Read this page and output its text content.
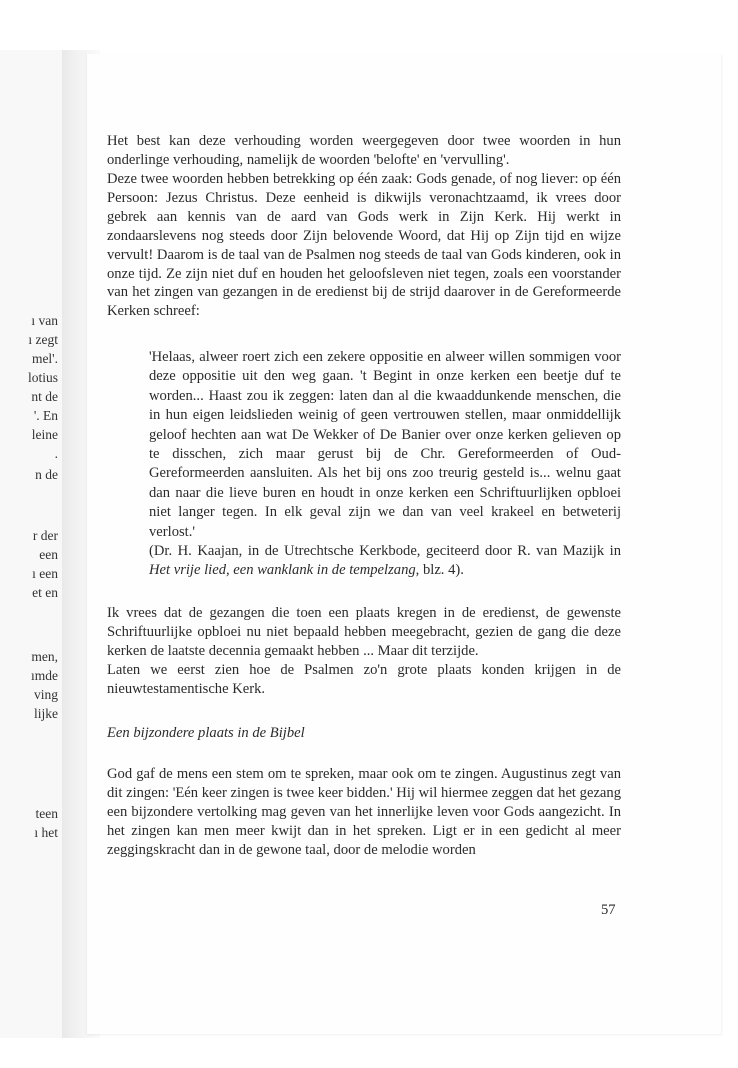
ı van
ı zegt
mel'.
lotius
nt de
'. En
leine
.
n de
r der
een
ı een
et en
men,
ımde
ving
lijke
teen
ı het

Het best kan deze verhouding worden weergegeven door twee woorden in hun onderlinge verhouding, namelijk de woorden 'belofte' en 'vervulling'.

Deze twee woorden hebben betrekking op één zaak: Gods genade, of nog liever: op één Persoon: Jezus Christus. Deze eenheid is dikwijls veronachtzaamd, ik vrees door gebrek aan kennis van de aard van Gods werk in Zijn Kerk. Hij werkt in zondaarslevens nog steeds door Zijn belovende Woord, dat Hij op Zijn tijd en wijze vervult! Daarom is de taal van de Psalmen nog steeds de taal van Gods kinderen, ook in onze tijd. Ze zijn niet duf en houden het geloofsleven niet tegen, zoals een voorstander van het zingen van gezangen in de eredienst bij de strijd daarover in de Gereformeerde Kerken schreef:

'Helaas, alweer roert zich een zekere oppositie en alweer willen sommigen voor deze oppositie uit den weg gaan. 't Begint in onze kerken een beetje duf te worden... Haast zou ik zeggen: laten dan al die kwaaddunkende menschen, die in hun eigen leidslieden weinig of geen vertrouwen stellen, maar onmiddellijk geloof hechten aan wat De Wekker of De Banier over onze kerken gelieven op te disschen, zich maar gerust bij de Chr. Gereformeerden of Oud-Gereformeerden aansluiten. Als het bij ons zoo treurig gesteld is... welnu gaat dan naar die lieve buren en houdt in onze kerken een Schriftuurlijken opbloei niet langer tegen. In elk geval zijn we dan van veel krakeel en betweterij verlost.'
(Dr. H. Kaajan, in de Utrechtsche Kerkbode, geciteerd door R. van Mazijk in Het vrije lied, een wanklank in de tempelzang, blz. 4).

Ik vrees dat de gezangen die toen een plaats kregen in de eredienst, de gewenste Schriftuurlijke opbloei nu niet bepaald hebben meegebracht, gezien de gang die deze kerken de laatste decennia gemaakt hebben ... Maar dit terzijde.

Laten we eerst zien hoe de Psalmen zo'n grote plaats konden krijgen in de nieuwtestamentische Kerk.

Een bijzondere plaats in de Bijbel

God gaf de mens een stem om te spreken, maar ook om te zingen. Augustinus zegt van dit zingen: 'Eén keer zingen is twee keer bidden.' Hij wil hiermee zeggen dat het gezang een bijzondere vertolking mag geven van het innerlijke leven voor Gods aangezicht. In het zingen kan men meer kwijt dan in het spreken. Ligt er in een gedicht al meer zeggingskracht dan in de gewone taal, door de melodie worden

57
